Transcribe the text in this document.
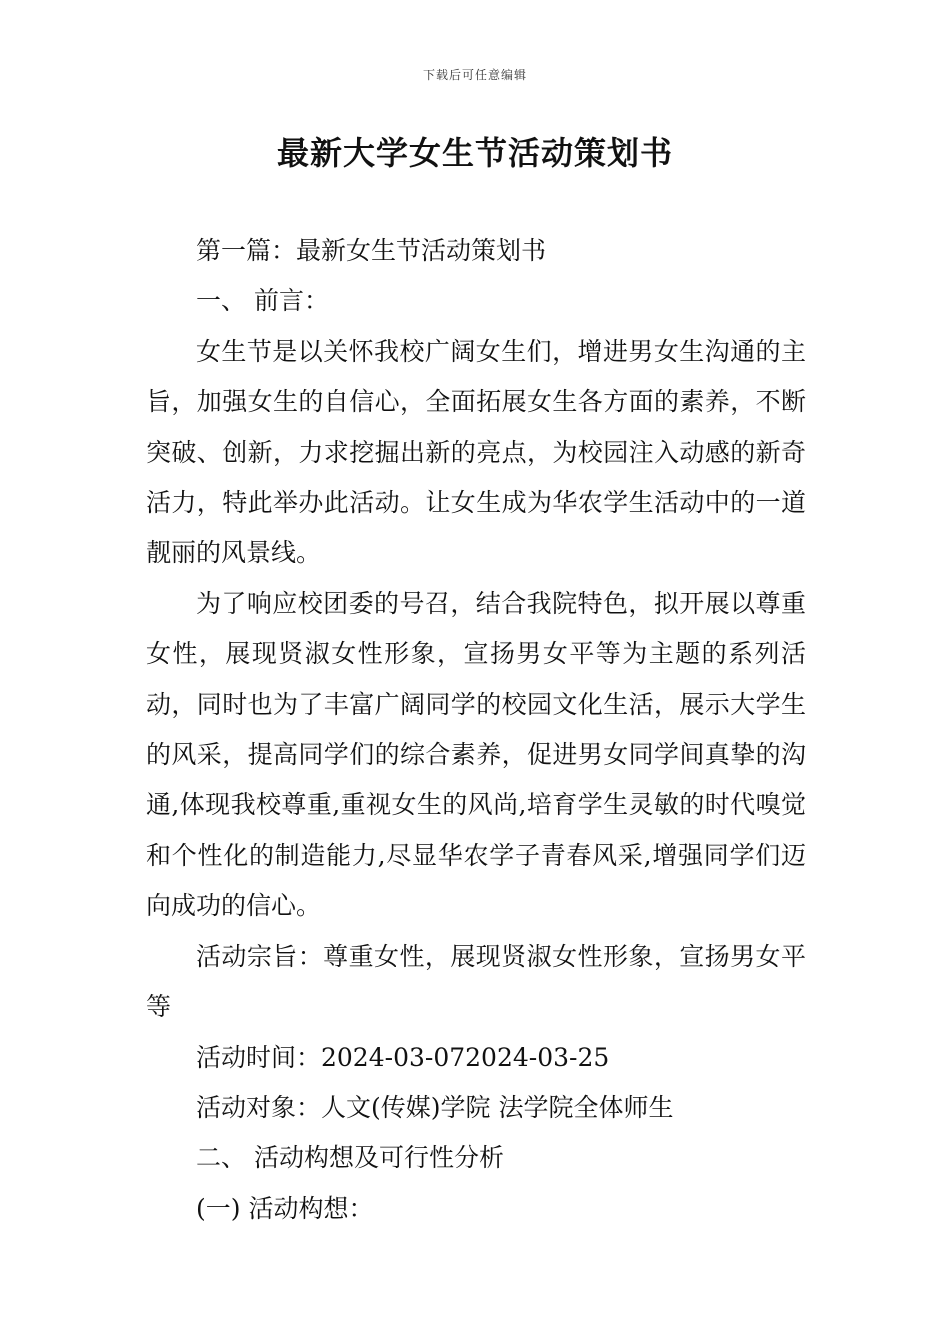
下载后可任意编辑
最新大学女生节活动策划书

第一篇：最新女生节活动策划书

一、 前言：

女生节是以关怀我校广阔女生们，增进男女生沟通的主旨，加强女生的自信心，全面拓展女生各方面的素养，不断突破、创新，力求挖掘出新的亮点，为校园注入动感的新奇活力，特此举办此活动。让女生成为华农学生活动中的一道靓丽的风景线。

为了响应校团委的号召，结合我院特色，拟开展以尊重女性，展现贤淑女性形象，宣扬男女平等为主题的系列活动，同时也为了丰富广阔同学的校园文化生活，展示大学生的风采，提高同学们的综合素养，促进男女同学间真挚的沟通,体现我校尊重,重视女生的风尚,培育学生灵敏的时代嗅觉和个性化的制造能力,尽显华农学子青春风采,增强同学们迈向成功的信心。

活动宗旨：尊重女性，展现贤淑女性形象，宣扬男女平等

活动时间：2024-03-072024-03-25

活动对象：人文(传媒)学院 法学院全体师生

二、 活动构想及可行性分析

(一) 活动构想：
